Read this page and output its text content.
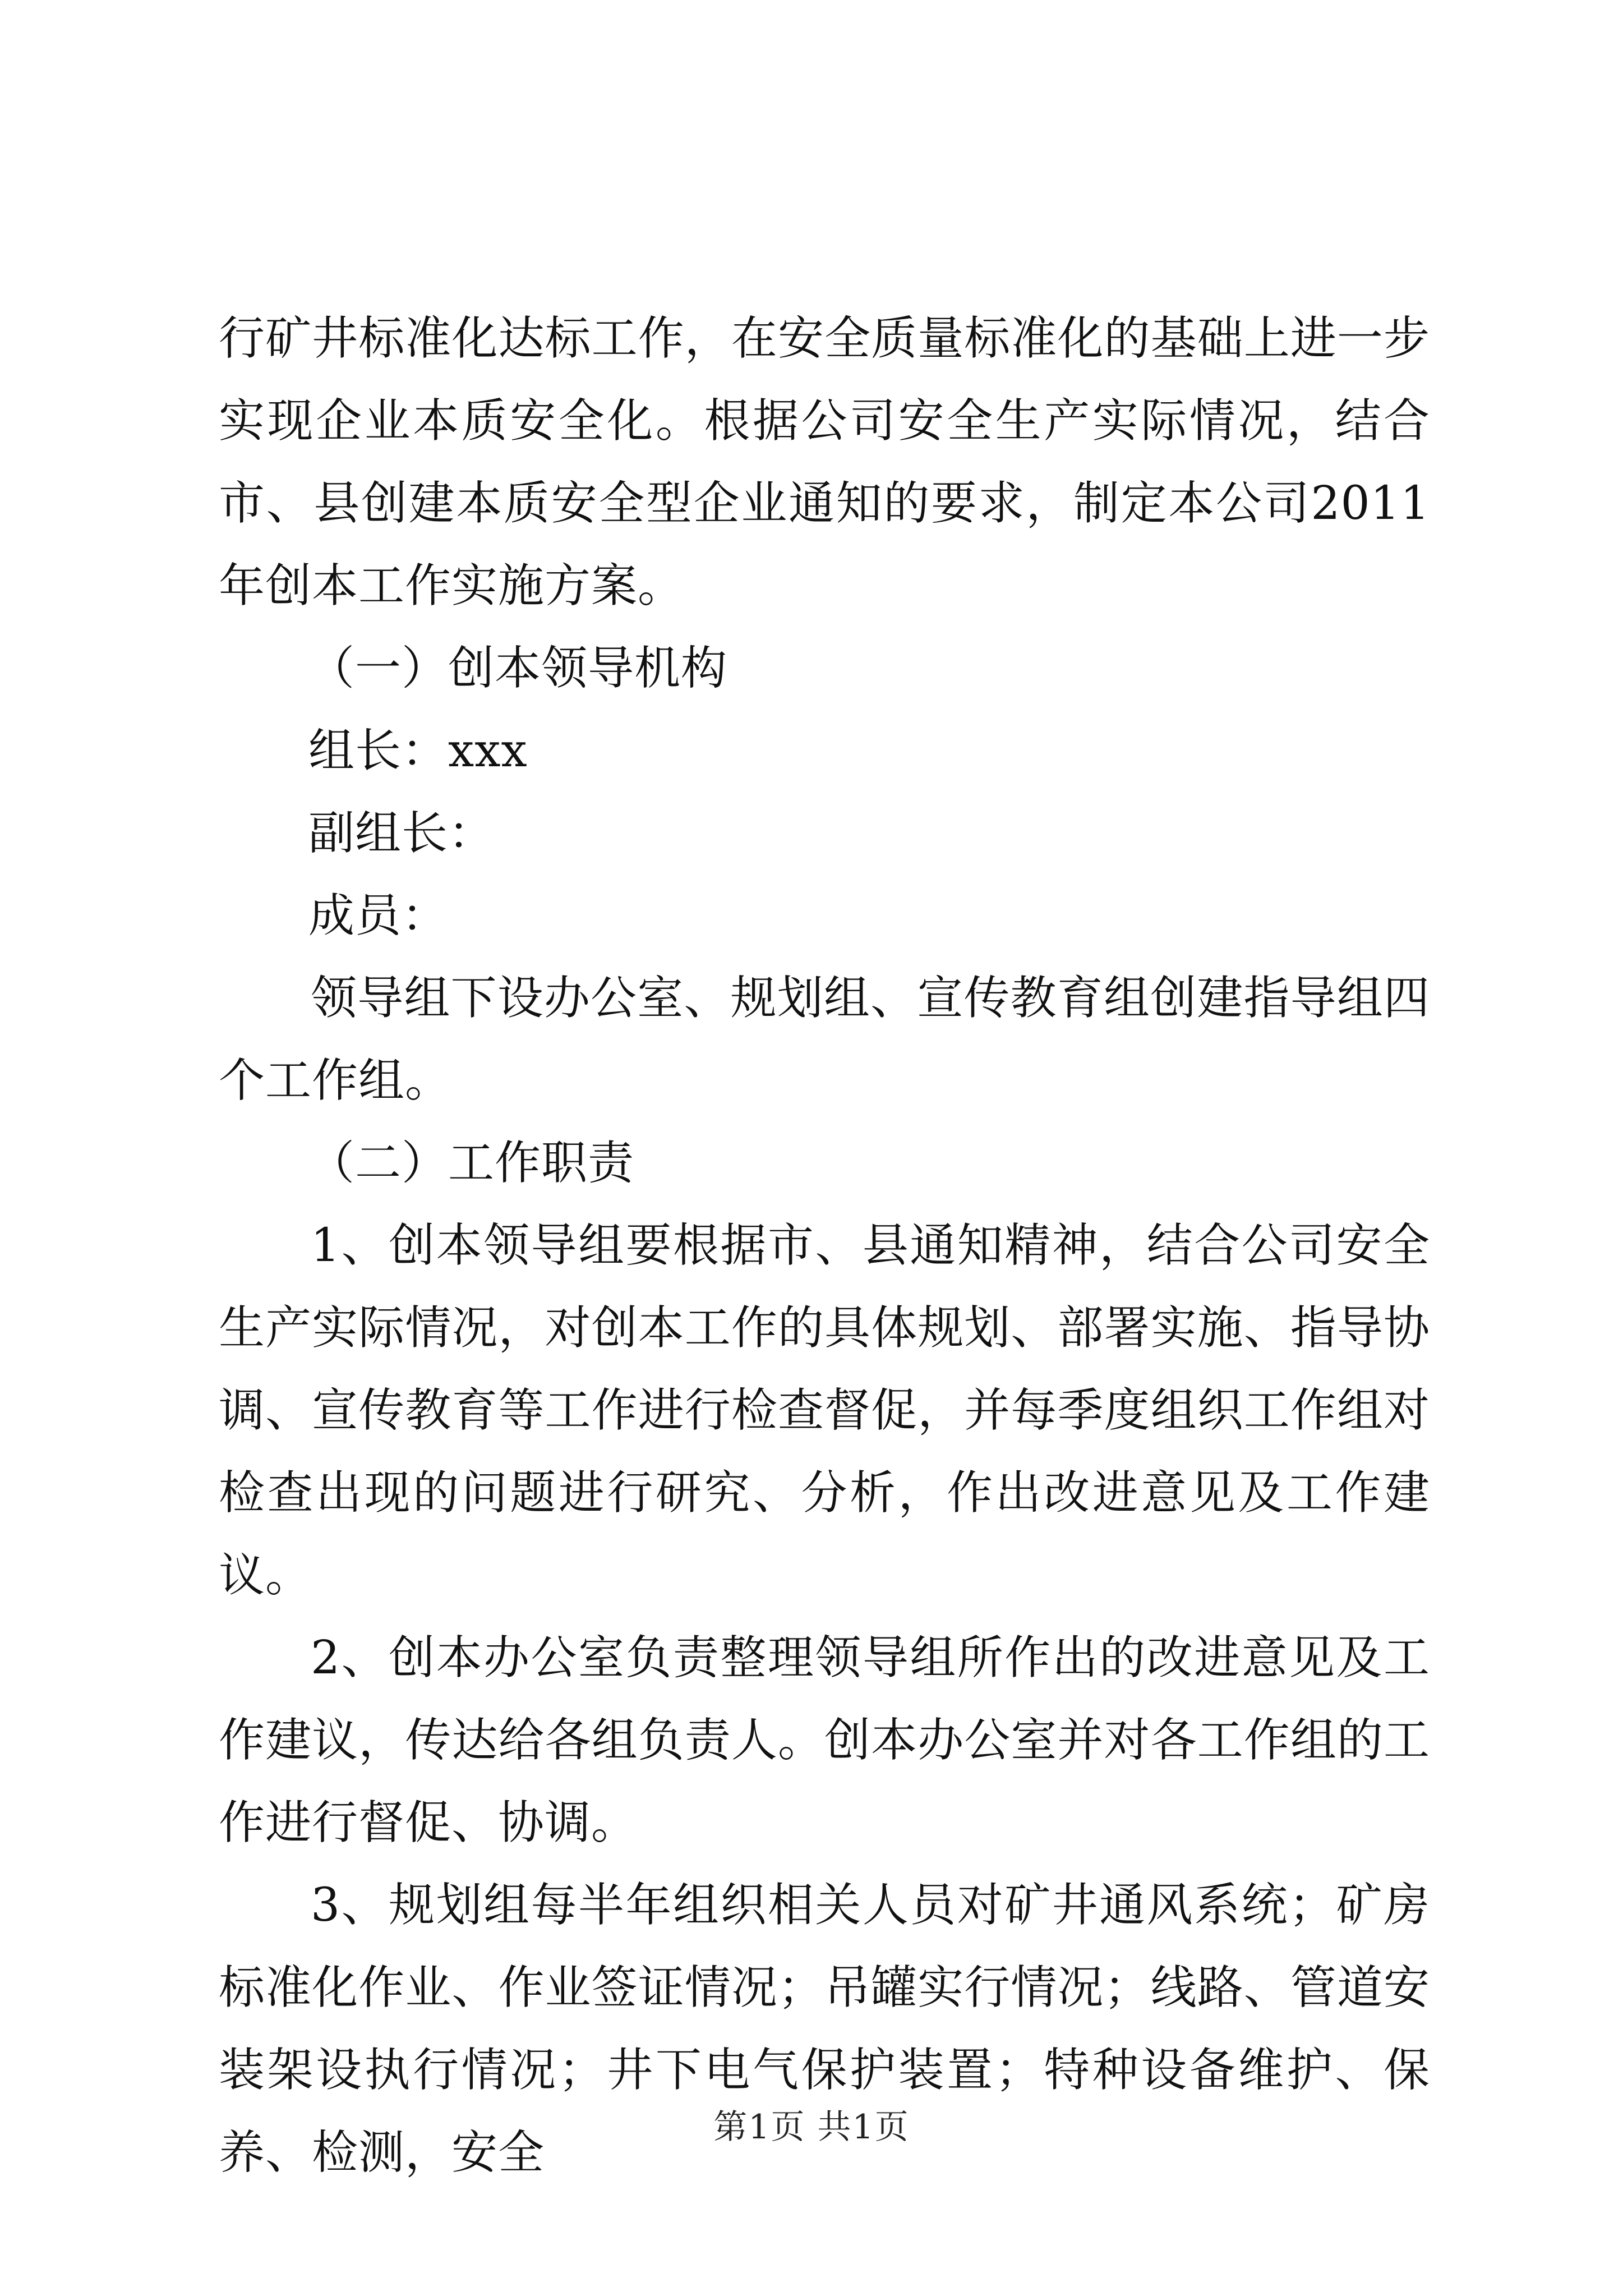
行矿井标准化达标工作，在安全质量标准化的基础上进一步实现企业本质安全化。根据公司安全生产实际情况，结合市、县创建本质安全型企业通知的要求，制定本公司2011年创本工作实施方案。

（一）创本领导机构

组长：xxx

副组长：

成员：

领导组下设办公室、规划组、宣传教育组创建指导组四个工作组。

（二）工作职责

1、创本领导组要根据市、县通知精神，结合公司安全生产实际情况，对创本工作的具体规划、部署实施、指导协调、宣传教育等工作进行检查督促，并每季度组织工作组对检查出现的问题进行研究、分析，作出改进意见及工作建议。

2、创本办公室负责整理领导组所作出的改进意见及工作建议，传达给各组负责人。创本办公室并对各工作组的工作进行督促、协调。

3、规划组每半年组织相关人员对矿井通风系统；矿房标准化作业、作业签证情况；吊罐实行情况；线路、管道安装架设执行情况；井下电气保护装置；特种设备维护、保养、检测，安全	第1页 共1页
